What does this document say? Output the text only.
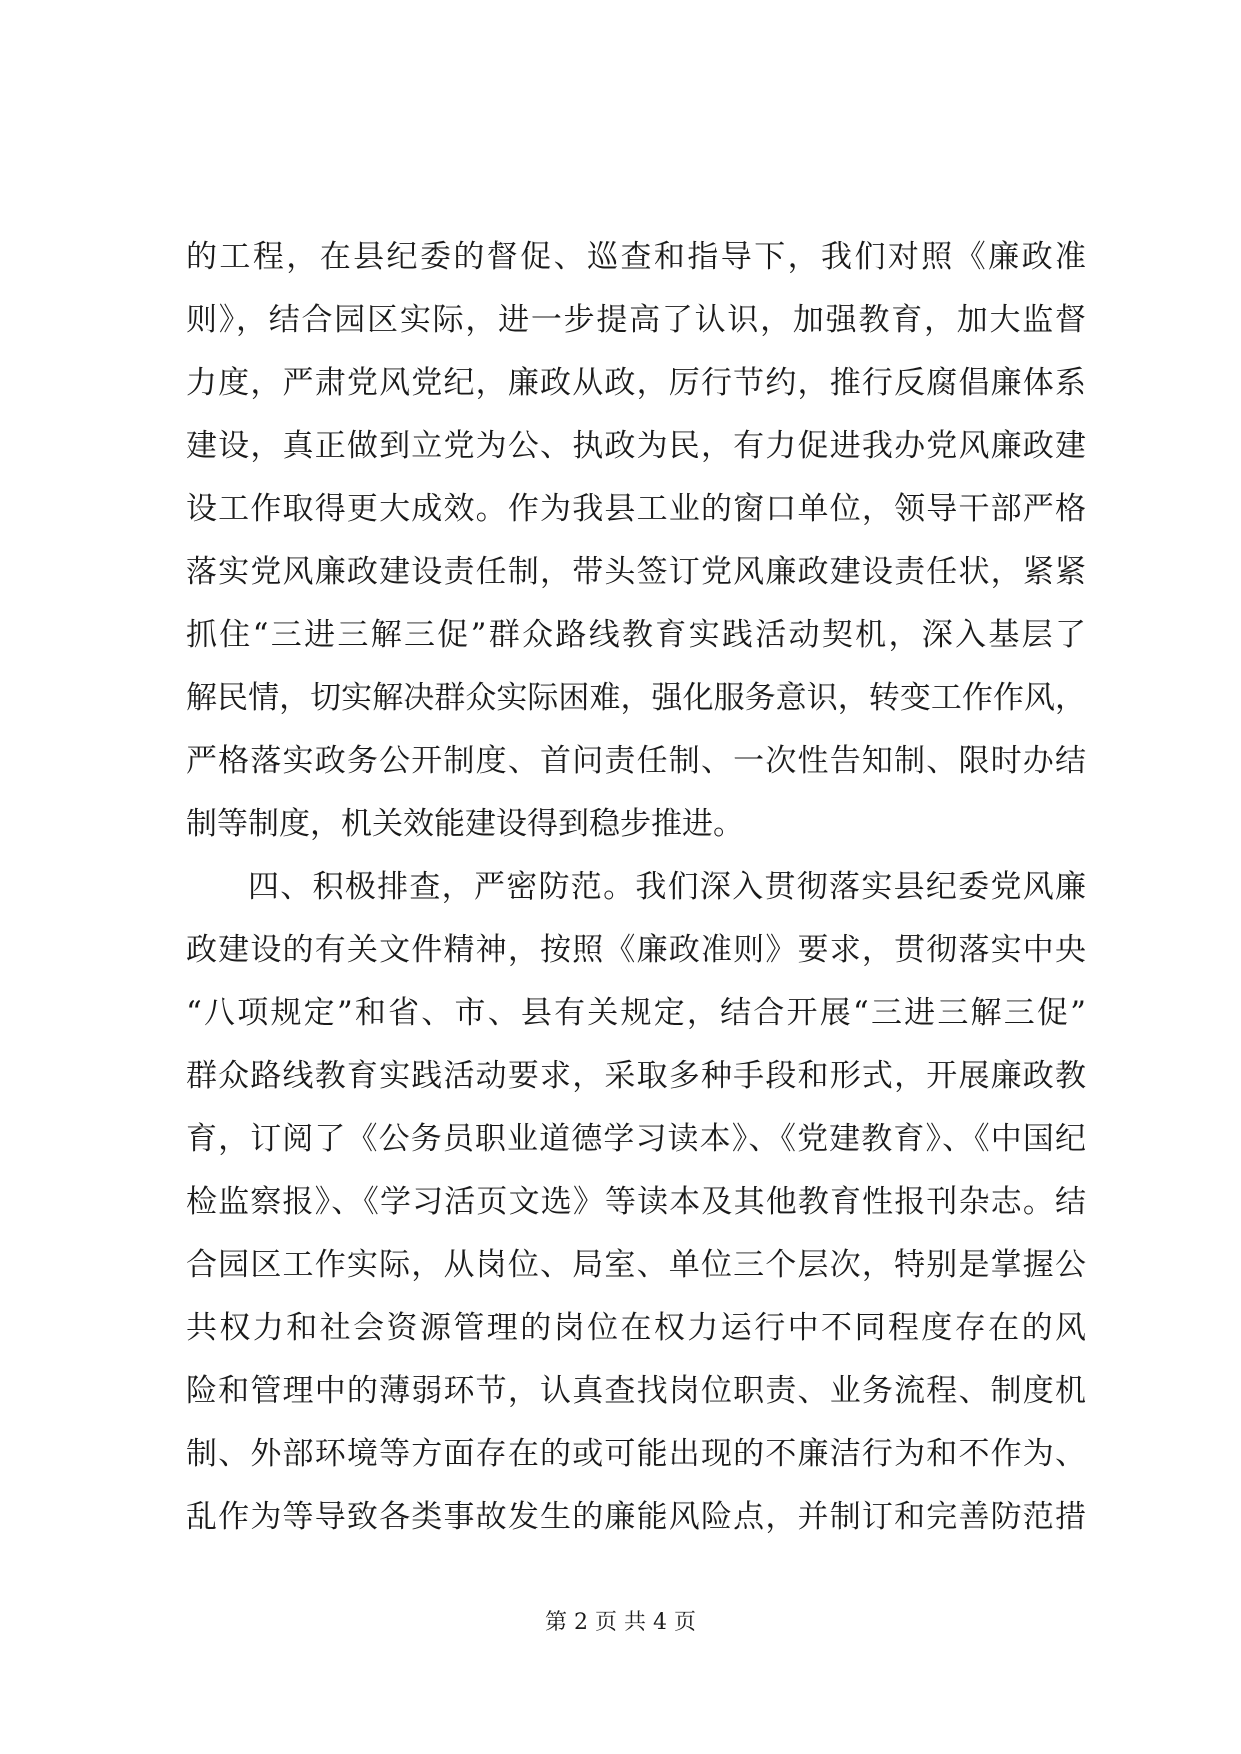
的工程，在县纪委的督促、巡查和指导下，我们对照《廉政准
则》，结合园区实际，进一步提高了认识，加强教育，加大监督
力度，严肃党风党纪，廉政从政，厉行节约，推行反腐倡廉体系
建设，真正做到立党为公、执政为民，有力促进我办党风廉政建
设工作取得更大成效。作为我县工业的窗口单位，领导干部严格
落实党风廉政建设责任制，带头签订党风廉政建设责任状，紧紧
抓住“三进三解三促”群众路线教育实践活动契机，深入基层了
解民情，切实解决群众实际困难，强化服务意识，转变工作作风，
严格落实政务公开制度、首问责任制、一次性告知制、限时办结
制等制度，机关效能建设得到稳步推进。
四、积极排查，严密防范。我们深入贯彻落实县纪委党风廉
政建设的有关文件精神，按照《廉政准则》要求，贯彻落实中央
“八项规定”和省、市、县有关规定，结合开展“三进三解三促”
群众路线教育实践活动要求，采取多种手段和形式，开展廉政教
育，订阅了《公务员职业道德学习读本》、《党建教育》、《中国纪
检监察报》、《学习活页文选》等读本及其他教育性报刊杂志。结
合园区工作实际，从岗位、局室、单位三个层次，特别是掌握公
共权力和社会资源管理的岗位在权力运行中不同程度存在的风
险和管理中的薄弱环节，认真查找岗位职责、业务流程、制度机
制、外部环境等方面存在的或可能出现的不廉洁行为和不作为、
乱作为等导致各类事故发生的廉能风险点，并制订和完善防范措
第 2 页 共 4 页
